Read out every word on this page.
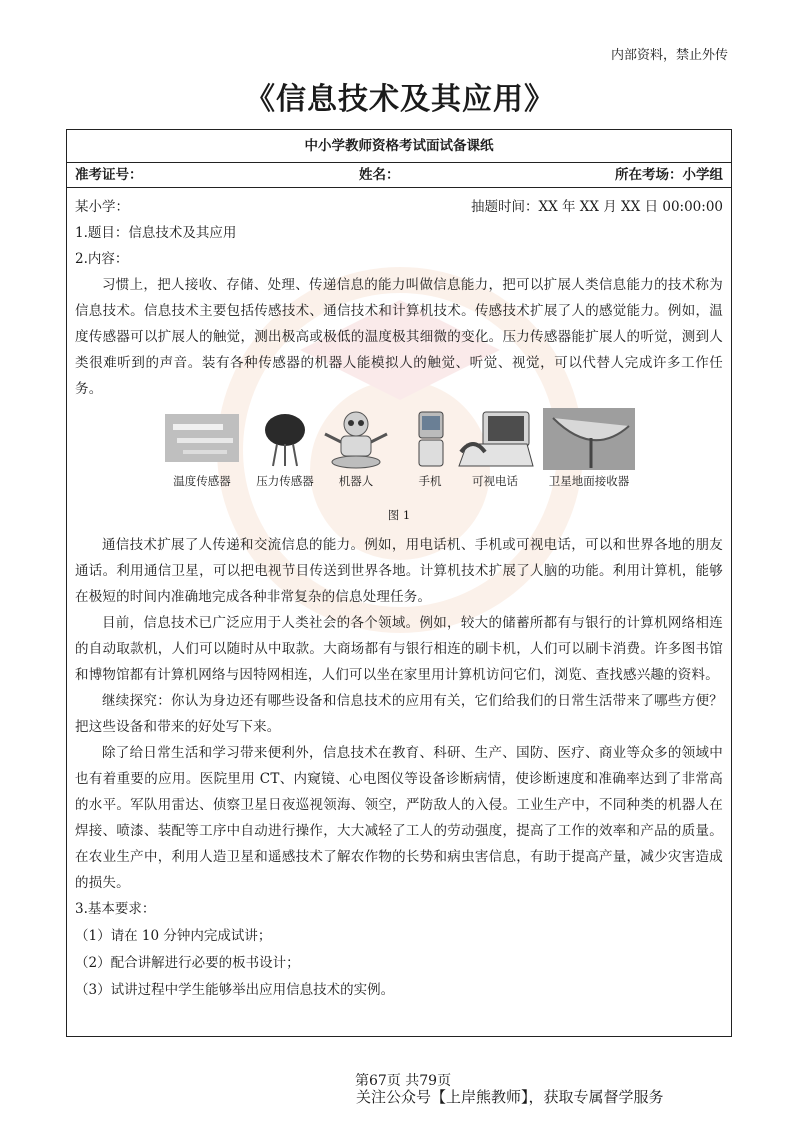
内部资料，禁止外传
《信息技术及其应用》
中小学教师资格考试面试备课纸
准考证号：	姓名：	所在考场：小学组
某小学：	抽题时间：XX 年 XX 月 XX 日 00:00:00
1.题目：信息技术及其应用
2.内容：

习惯上，把人接收、存储、处理、传递信息的能力叫做信息能力，把可以扩展人类信息能力的技术称为信息技术。信息技术主要包括传感技术、通信技术和计算机技术。传感技术扩展了人的感觉能力。例如，温度传感器可以扩展人的触觉，测出极高或极低的温度极其细微的变化。压力传感器能扩展人的听觉，测到人类很难听到的声音。装有各种传感器的机器人能模拟人的触觉、听觉、视觉，可以代替人完成许多工作任务。

温度传感器	压力传感器	机器人	手机	可视电话	卫星地面接收器
图 1

通信技术扩展了人传递和交流信息的能力。例如，用电话机、手机或可视电话，可以和世界各地的朋友通话。利用通信卫星，可以把电视节目传送到世界各地。计算机技术扩展了人脑的功能。利用计算机，能够在极短的时间内准确地完成各种非常复杂的信息处理任务。

目前，信息技术已广泛应用于人类社会的各个领域。例如，较大的储蓄所都有与银行的计算机网络相连的自动取款机，人们可以随时从中取款。大商场都有与银行相连的刷卡机，人们可以刷卡消费。许多图书馆和博物馆都有计算机网络与因特网相连，人们可以坐在家里用计算机访问它们，浏览、查找感兴趣的资料。

继续探究：你认为身边还有哪些设备和信息技术的应用有关，它们给我们的日常生活带来了哪些方便？把这些设备和带来的好处写下来。

除了给日常生活和学习带来便利外，信息技术在教育、科研、生产、国防、医疗、商业等众多的领域中也有着重要的应用。医院里用 CT、内窥镜、心电图仪等设备诊断病情，使诊断速度和准确率达到了非常高的水平。军队用雷达、侦察卫星日夜巡视领海、领空，严防敌人的入侵。工业生产中，不同种类的机器人在焊接、喷漆、装配等工序中自动进行操作，大大减轻了工人的劳动强度，提高了工作的效率和产品的质量。在农业生产中，利用人造卫星和遥感技术了解农作物的长势和病虫害信息，有助于提高产量，减少灾害造成的损失。

3.基本要求：
（1）请在 10 分钟内完成试讲；
（2）配合讲解进行必要的板书设计；
（3）试讲过程中学生能够举出应用信息技术的实例。
第67页 共79页
关注公众号【上岸熊教师】，获取专属督学服务
